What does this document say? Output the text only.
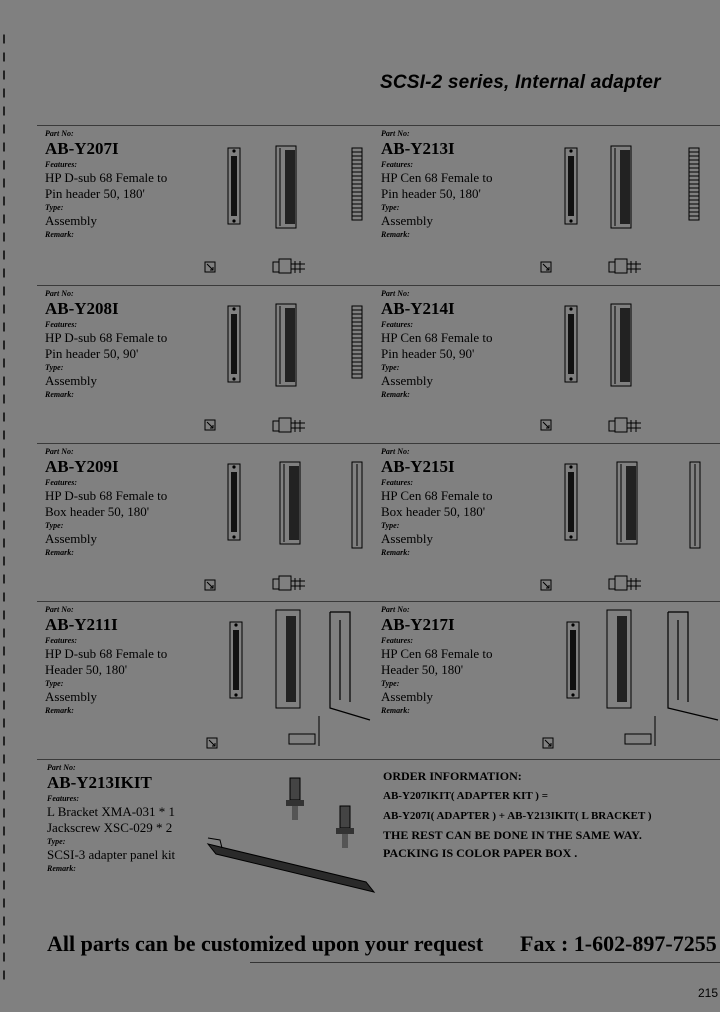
SCSI-2 series, Internal adapter
Part No:
AB-Y207I
Features:
HP D-sub 68 Female to
Pin header 50, 180'
Type:
Assembly
Remark:
Part No:
AB-Y213I
Features:
HP Cen 68 Female to
Pin header 50, 180'
Type:
Assembly
Remark:
Part No:
AB-Y208I
Features:
HP D-sub 68 Female to
Pin header 50, 90'
Type:
Assembly
Remark:
Part No:
AB-Y214I
Features:
HP Cen 68 Female to
Pin header 50, 90'
Type:
Assembly
Remark:
Part No:
AB-Y209I
Features:
HP D-sub 68 Female to
Box header 50, 180'
Type:
Assembly
Remark:
Part No:
AB-Y215I
Features:
HP Cen 68 Female to
Box header 50, 180'
Type:
Assembly
Remark:
Part No:
AB-Y211I
Features:
HP D-sub 68 Female to
Header 50, 180'
Type:
Assembly
Remark:
Part No:
AB-Y217I
Features:
HP Cen 68 Female to
Header 50, 180'
Type:
Assembly
Remark:
Part No:
AB-Y213IKIT
Features:
L Bracket XMA-031 * 1
Jackscrew XSC-029 * 2
Type:
SCSI-3 adapter panel kit
Remark:
ORDER INFORMATION:
AB-Y207IKIT( ADAPTER KIT ) =
AB-Y207I( ADAPTER ) + AB-Y213IKIT( L BRACKET )
THE REST CAN BE DONE IN THE SAME WAY.
PACKING IS COLOR PAPER BOX .
All parts can be customized upon your request Fax : 1-602-897-7255
215
